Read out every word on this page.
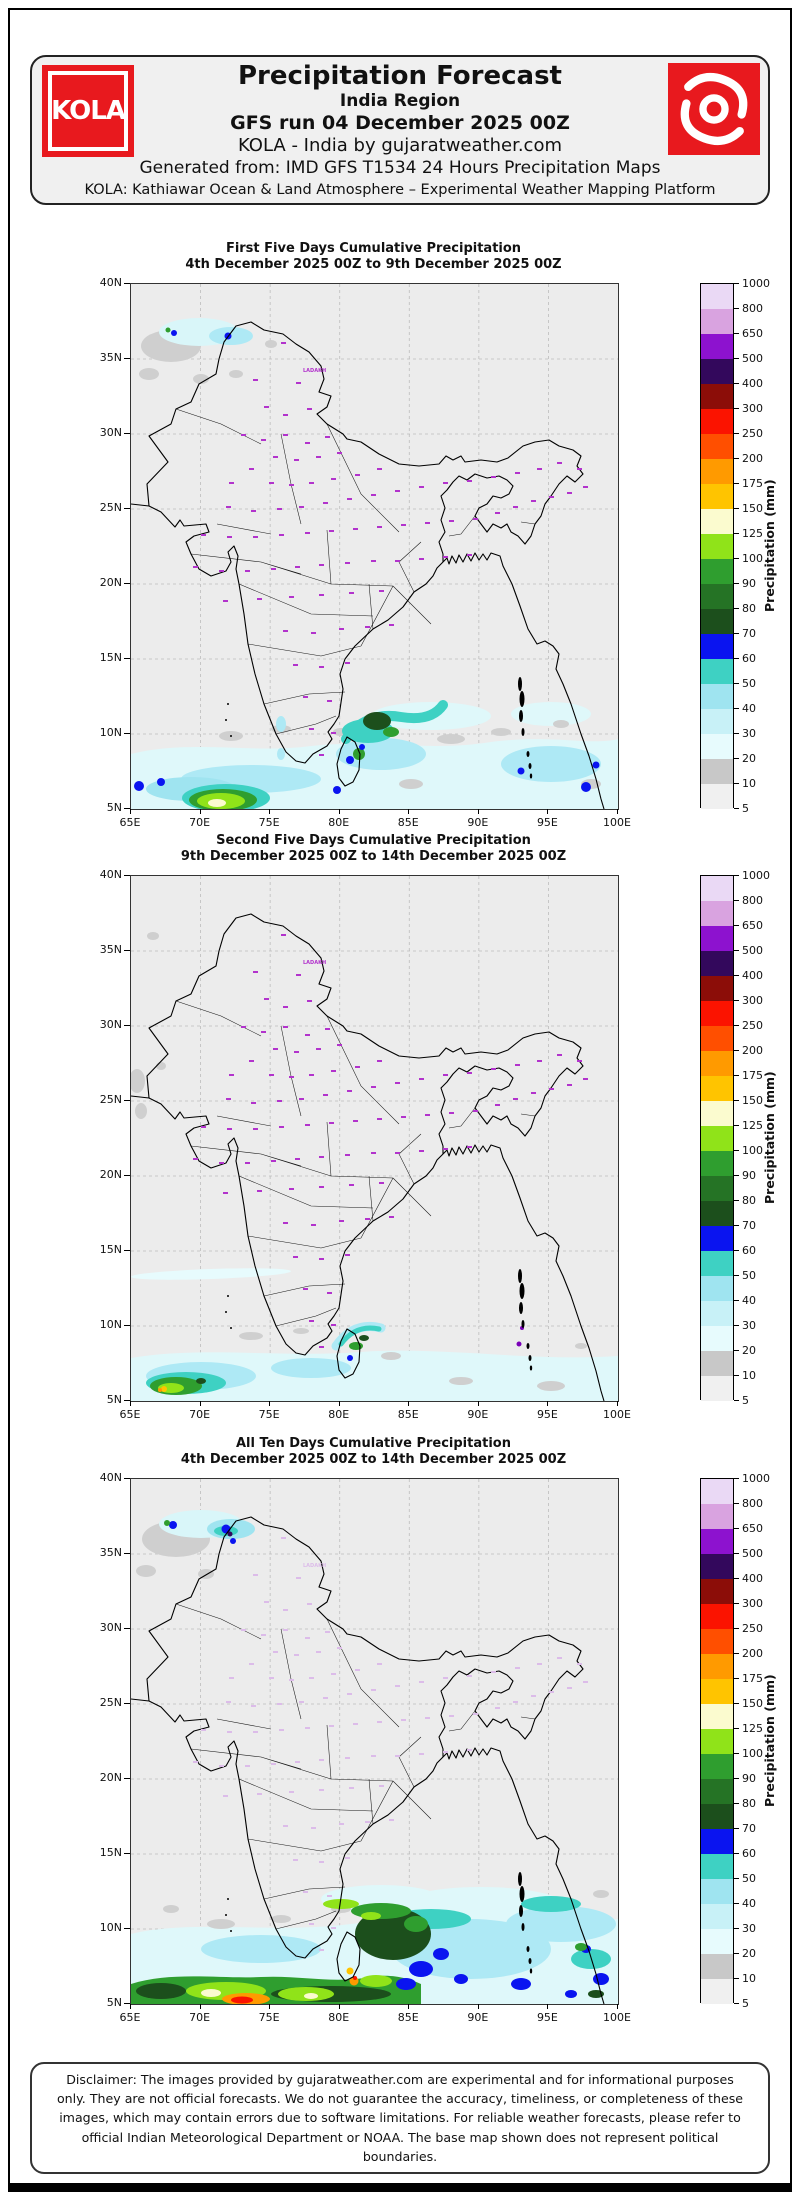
KOLA
Precipitation Forecast
India Region
GFS run 04 December 2025 00Z
KOLA - India by gujaratweather.com
Generated from: IMD GFS T1534 24 Hours Precipitation Maps
KOLA: Kathiawar Ocean & Land Atmosphere – Experimental Weather Mapping Platform
First Five Days Cumulative Precipitation
4th December 2025 00Z to 9th December 2025 00Z
LADAKH
Precipitation (mm)
40N
35N
30N
25N
20N
15N
10N
5N
65E	70E	75E	80E	85E	90E	95E	100E
5
10
20
30
40
50
60
70
80
90
100
125
150
175
200
250
300
400
500
650
800
1000
Second Five Days Cumulative Precipitation
9th December 2025 00Z to 14th December 2025 00Z
LADAKH
Precipitation (mm)
40N
35N
30N
25N
20N
15N
10N
5N
65E	70E	75E	80E	85E	90E	95E	100E
5
10
20
30
40
50
60
70
80
90
100
125
150
175
200
250
300
400
500
650
800
1000
All Ten Days Cumulative Precipitation
4th December 2025 00Z to 14th December 2025 00Z
LADAKH
Precipitation (mm)
40N
35N
30N
25N
20N
15N
10N
5N
65E	70E	75E	80E	85E	90E	95E	100E
5
10
20
30
40
50
60
70
80
90
100
125
150
175
200
250
300
400
500
650
800
1000
Disclaimer: The images provided by gujaratweather.com are experimental and for informational purposes only. They are not official forecasts. We do not guarantee the accuracy, timeliness, or completeness of these images, which may contain errors due to software limitations. For reliable weather forecasts, please refer to official Indian Meteorological Department or NOAA. The base map shown does not represent political boundaries.
